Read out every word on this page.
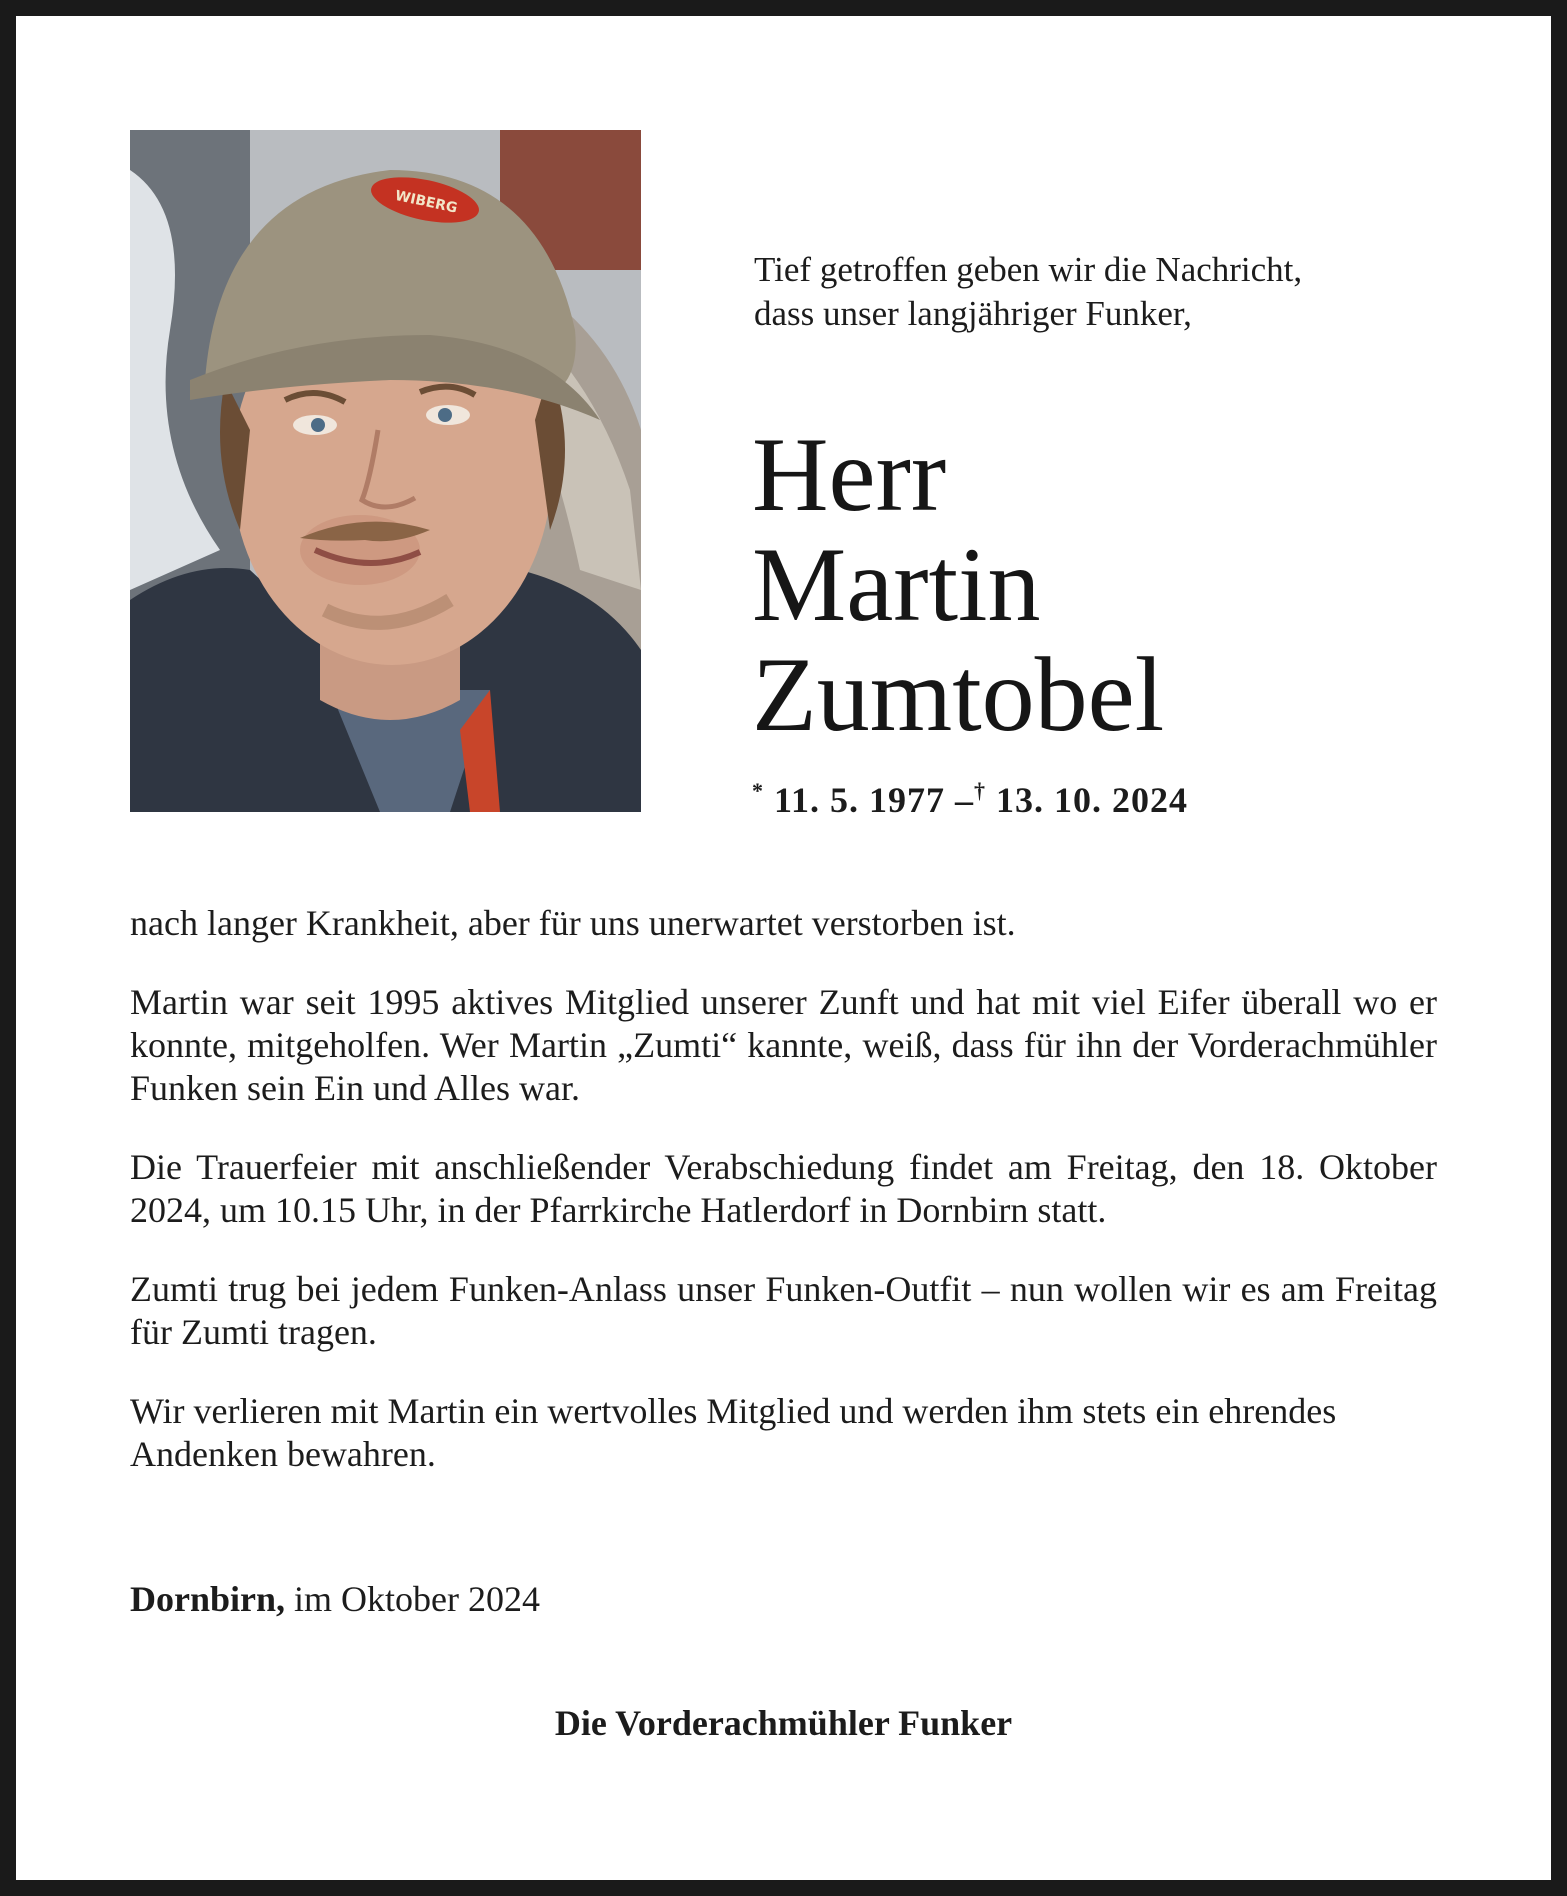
WIBERG

Tief getroffen geben wir die Nachricht,

dass unser langjähriger Funker,

Herr
Martin
Zumtobel
* 11. 5. 1977 –† 13. 10. 2024

nach langer Krankheit, aber für uns unerwartet verstorben ist.

Martin war seit 1995 aktives Mitglied unserer Zunft und hat mit viel Eifer überall wo er konnte, mitgeholfen. Wer Martin „Zumti“ kannte, weiß, dass für ihn der Vorderachmühler Funken sein Ein und Alles war.

Die Trauerfeier mit anschließender Verabschiedung findet am Freitag, den 18. Oktober 2024, um 10.15 Uhr, in der Pfarrkirche Hatlerdorf in Dornbirn statt.

Zumti trug bei jedem Funken-Anlass unser Funken-Outfit – nun wollen wir es am Freitag für Zumti tragen.

Wir verlieren mit Martin ein wertvolles Mitglied und werden ihm stets ein ehrendes Andenken bewahren.

Dornbirn, im Oktober 2024
Die Vorderachmühler Funker
